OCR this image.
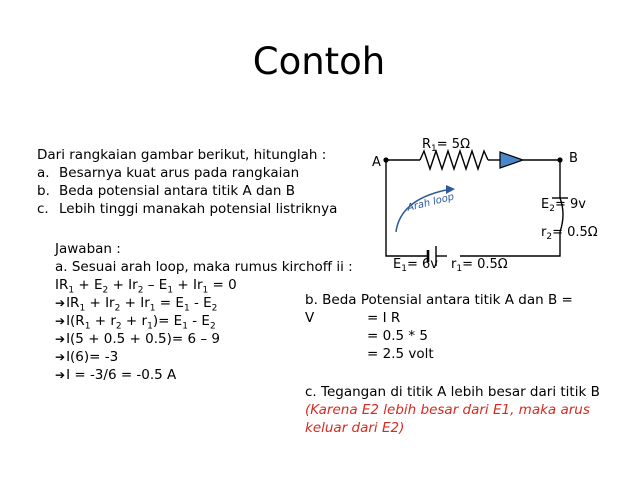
Contoh
Dari rangkaian gambar berikut, hitunglah :
a. Besarnya kuat arus pada rangkaian
b. Beda potensial antara titik A dan B
c. Lebih tinggi manakah potensial listriknya
A	B
$R_1= 5\Omega$
Arah loop	$E_2= 9v$
$r_2= 0.5\Omega$
$E_1= 6v$ $r_1= 0.5\Omega$
Jawaban :
a. Sesuai arah loop, maka rumus kirchoff ii :
$IR_1 + E_2 + Ir_2 - E_1 + Ir_1 = 0$
$➔IR_1 + Ir_2 + Ir_1 = E_1 - E_2$
$➔I(R_1 + r_2 + r_1)= E_1 - E_2$
➔I(5 + 0.5 + 0.5)= 6 – 9
➔I(6)= -3
➔I = -3/6 = -0.5 A
b. Beda Potensial antara titik A dan B =
V	= I R
= 0.5 * 5
= 2.5 volt
c. Tegangan di titik A lebih besar dari titik B
(Karena E2 lebih besar dari E1, maka arus
keluar dari E2)
